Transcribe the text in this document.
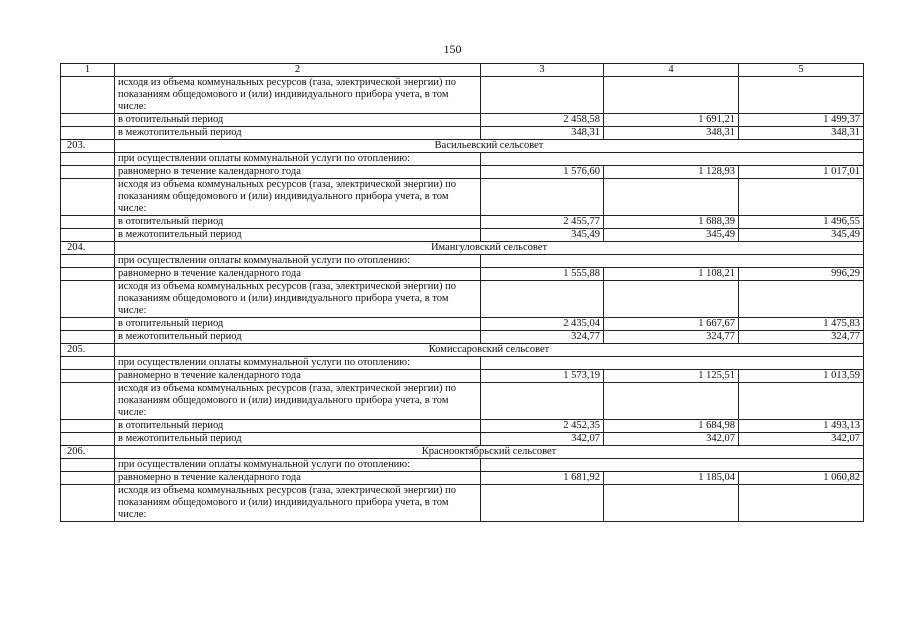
150
1	2	3	4	5
	исходя из объема коммунальных ресурсов (газа, электрической энергии) по показаниям общедомового и (или) индивидуального прибора учета, в том числе:			
	в отопительный период	2 458,58	1 691,21	1 499,37
	в межотопительный период	348,31	348,31	348,31
203.	Васильевский сельсовет			
	при осуществлении оплаты коммунальной услуги по отоплению:			
	равномерно в течение календарного года	1 576,60	1 128,93	1 017,01
	исходя из объема коммунальных ресурсов (газа, электрической энергии) по показаниям общедомового и (или) индивидуального прибора учета, в том числе:			
	в отопительный период	2 455,77	1 688,39	1 496,55
	в межотопительный период	345,49	345,49	345,49
204.	Имангуловский сельсовет			
	при осуществлении оплаты коммунальной услуги по отоплению:			
	равномерно в течение календарного года	1 555,88	1 108,21	996,29
	исходя из объема коммунальных ресурсов (газа, электрической энергии) по показаниям общедомового и (или) индивидуального прибора учета, в том числе:			
	в отопительный период	2 435,04	1 667,67	1 475,83
	в межотопительный период	324,77	324,77	324,77
205.	Комиссаровский сельсовет			
	при осуществлении оплаты коммунальной услуги по отоплению:			
	равномерно в течение календарного года	1 573,19	1 125,51	1 013,59
	исходя из объема коммунальных ресурсов (газа, электрической энергии) по показаниям общедомового и (или) индивидуального прибора учета, в том числе:			
	в отопительный период	2 452,35	1 684,98	1 493,13
	в межотопительный период	342,07	342,07	342,07
206.	Краснооктябрьский сельсовет			
	при осуществлении оплаты коммунальной услуги по отоплению:			
	равномерно в течение календарного года	1 681,92	1 185,04	1 060,82
	исходя из объема коммунальных ресурсов (газа, электрической энергии) по показаниям общедомового и (или) индивидуального прибора учета, в том числе:			
